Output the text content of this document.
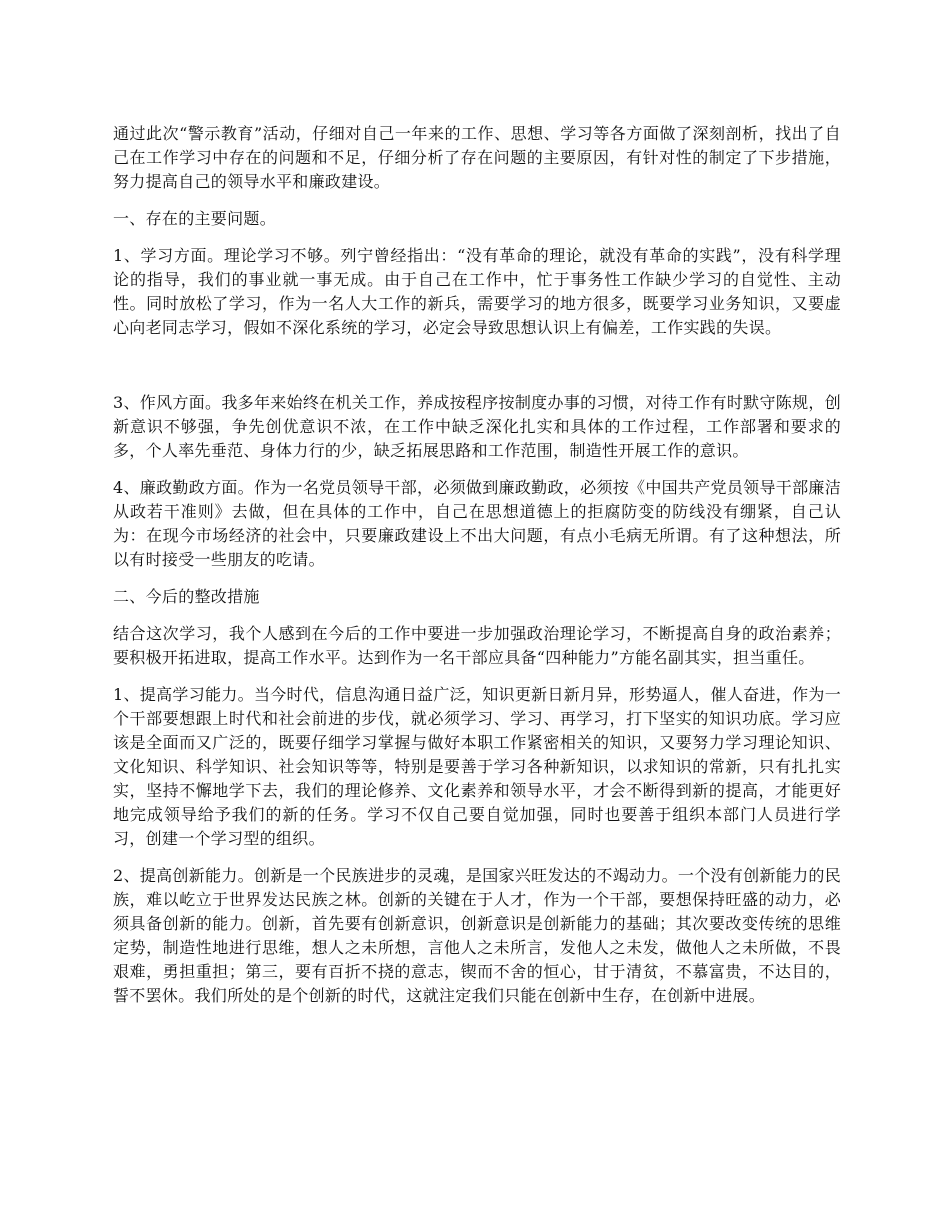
通过此次“警示教育”活动，仔细对自己一年来的工作、思想、学习等各方面做了深刻剖析，找出了自己在工作学习中存在的问题和不足，仔细分析了存在问题的主要原因，有针对性的制定了下步措施，努力提高自己的领导水平和廉政建设。

一、存在的主要问题。

1、学习方面。理论学习不够。列宁曾经指出：“没有革命的理论，就没有革命的实践”，没有科学理论的指导，我们的事业就一事无成。由于自己在工作中，忙于事务性工作缺少学习的自觉性、主动性。同时放松了学习，作为一名人大工作的新兵，需要学习的地方很多，既要学习业务知识，又要虚心向老同志学习，假如不深化系统的学习，必定会导致思想认识上有偏差，工作实践的失误。

3、作风方面。我多年来始终在机关工作，养成按程序按制度办事的习惯，对待工作有时默守陈规，创新意识不够强，争先创优意识不浓，在工作中缺乏深化扎实和具体的工作过程，工作部署和要求的多，个人率先垂范、身体力行的少，缺乏拓展思路和工作范围，制造性开展工作的意识。

4、廉政勤政方面。作为一名党员领导干部，必须做到廉政勤政，必须按《中国共产党员领导干部廉洁从政若干准则》去做，但在具体的工作中，自己在思想道德上的拒腐防变的防线没有绷紧，自己认为：在现今市场经济的社会中，只要廉政建设上不出大问题，有点小毛病无所谓。有了这种想法，所以有时接受一些朋友的吃请。

二、今后的整改措施

结合这次学习，我个人感到在今后的工作中要进一步加强政治理论学习，不断提高自身的政治素养；要积极开拓进取，提高工作水平。达到作为一名干部应具备“四种能力”方能名副其实，担当重任。

1、提高学习能力。当今时代，信息沟通日益广泛，知识更新日新月异，形势逼人，催人奋进，作为一个干部要想跟上时代和社会前进的步伐，就必须学习、学习、再学习，打下坚实的知识功底。学习应该是全面而又广泛的，既要仔细学习掌握与做好本职工作紧密相关的知识，又要努力学习理论知识、文化知识、科学知识、社会知识等等，特别是要善于学习各种新知识，以求知识的常新，只有扎扎实实，坚持不懈地学下去，我们的理论修养、文化素养和领导水平，才会不断得到新的提高，才能更好地完成领导给予我们的新的任务。学习不仅自己要自觉加强，同时也要善于组织本部门人员进行学习，创建一个学习型的组织。

2、提高创新能力。创新是一个民族进步的灵魂，是国家兴旺发达的不竭动力。一个没有创新能力的民族，难以屹立于世界发达民族之林。创新的关键在于人才，作为一个干部，要想保持旺盛的动力，必须具备创新的能力。创新，首先要有创新意识，创新意识是创新能力的基础；其次要改变传统的思维定势，制造性地进行思维，想人之未所想，言他人之未所言，发他人之未发，做他人之未所做，不畏艰难，勇担重担；第三，要有百折不挠的意志，锲而不舍的恒心，甘于清贫，不慕富贵，不达目的，誓不罢休。我们所处的是个创新的时代，这就注定我们只能在创新中生存，在创新中进展。
